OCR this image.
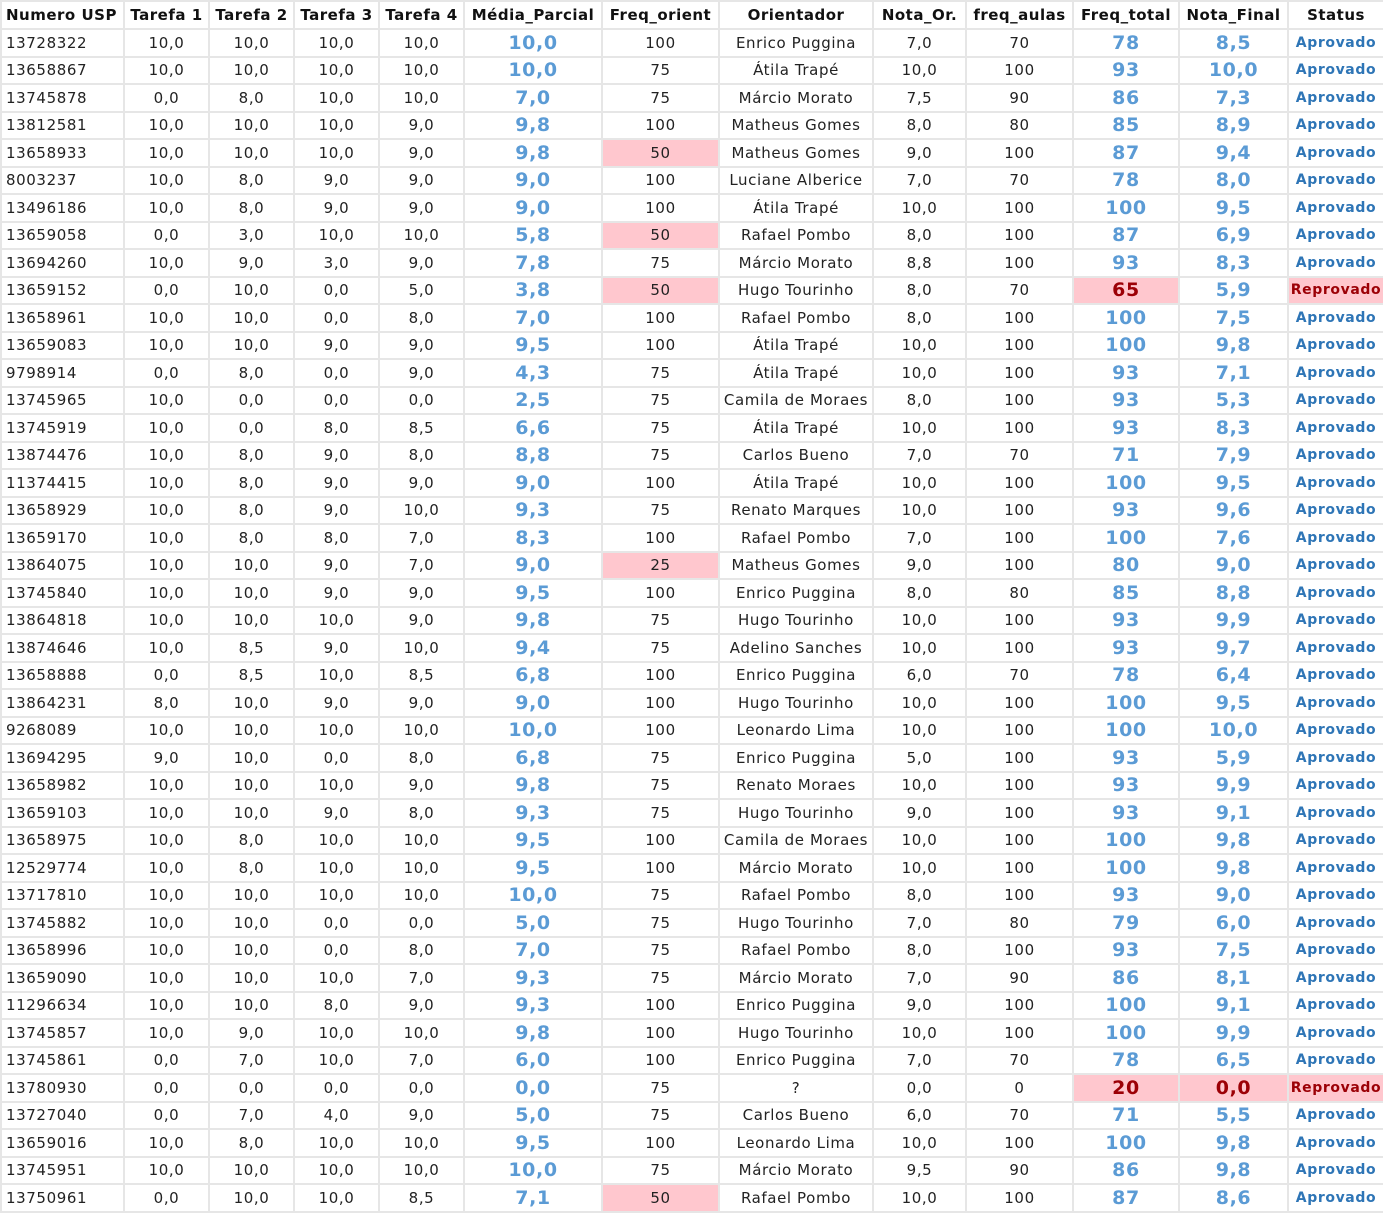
Numero USP	Tarefa 1	Tarefa 2	Tarefa 3	Tarefa 4	Média_Parcial	Freq_orient	Orientador	Nota_Or.	freq_aulas	Freq_total	Nota_Final	Status
13728322	10,0	10,0	10,0	10,0	10,0	100	Enrico Puggina	7,0	70	78	8,5	Aprovado
13658867	10,0	10,0	10,0	10,0	10,0	75	Átila Trapé	10,0	100	93	10,0	Aprovado
13745878	0,0	8,0	10,0	10,0	7,0	75	Márcio Morato	7,5	90	86	7,3	Aprovado
13812581	10,0	10,0	10,0	9,0	9,8	100	Matheus Gomes	8,0	80	85	8,9	Aprovado
13658933	10,0	10,0	10,0	9,0	9,8	50	Matheus Gomes	9,0	100	87	9,4	Aprovado
8003237	10,0	8,0	9,0	9,0	9,0	100	Luciane Alberice	7,0	70	78	8,0	Aprovado
13496186	10,0	8,0	9,0	9,0	9,0	100	Átila Trapé	10,0	100	100	9,5	Aprovado
13659058	0,0	3,0	10,0	10,0	5,8	50	Rafael Pombo	8,0	100	87	6,9	Aprovado
13694260	10,0	9,0	3,0	9,0	7,8	75	Márcio Morato	8,8	100	93	8,3	Aprovado
13659152	0,0	10,0	0,0	5,0	3,8	50	Hugo Tourinho	8,0	70	65	5,9	Reprovado
13658961	10,0	10,0	0,0	8,0	7,0	100	Rafael Pombo	8,0	100	100	7,5	Aprovado
13659083	10,0	10,0	9,0	9,0	9,5	100	Átila Trapé	10,0	100	100	9,8	Aprovado
9798914	0,0	8,0	0,0	9,0	4,3	75	Átila Trapé	10,0	100	93	7,1	Aprovado
13745965	10,0	0,0	0,0	0,0	2,5	75	Camila de Moraes	8,0	100	93	5,3	Aprovado
13745919	10,0	0,0	8,0	8,5	6,6	75	Átila Trapé	10,0	100	93	8,3	Aprovado
13874476	10,0	8,0	9,0	8,0	8,8	75	Carlos Bueno	7,0	70	71	7,9	Aprovado
11374415	10,0	8,0	9,0	9,0	9,0	100	Átila Trapé	10,0	100	100	9,5	Aprovado
13658929	10,0	8,0	9,0	10,0	9,3	75	Renato Marques	10,0	100	93	9,6	Aprovado
13659170	10,0	8,0	8,0	7,0	8,3	100	Rafael Pombo	7,0	100	100	7,6	Aprovado
13864075	10,0	10,0	9,0	7,0	9,0	25	Matheus Gomes	9,0	100	80	9,0	Aprovado
13745840	10,0	10,0	9,0	9,0	9,5	100	Enrico Puggina	8,0	80	85	8,8	Aprovado
13864818	10,0	10,0	10,0	9,0	9,8	75	Hugo Tourinho	10,0	100	93	9,9	Aprovado
13874646	10,0	8,5	9,0	10,0	9,4	75	Adelino Sanches	10,0	100	93	9,7	Aprovado
13658888	0,0	8,5	10,0	8,5	6,8	100	Enrico Puggina	6,0	70	78	6,4	Aprovado
13864231	8,0	10,0	9,0	9,0	9,0	100	Hugo Tourinho	10,0	100	100	9,5	Aprovado
9268089	10,0	10,0	10,0	10,0	10,0	100	Leonardo Lima	10,0	100	100	10,0	Aprovado
13694295	9,0	10,0	0,0	8,0	6,8	75	Enrico Puggina	5,0	100	93	5,9	Aprovado
13658982	10,0	10,0	10,0	9,0	9,8	75	Renato Moraes	10,0	100	93	9,9	Aprovado
13659103	10,0	10,0	9,0	8,0	9,3	75	Hugo Tourinho	9,0	100	93	9,1	Aprovado
13658975	10,0	8,0	10,0	10,0	9,5	100	Camila de Moraes	10,0	100	100	9,8	Aprovado
12529774	10,0	8,0	10,0	10,0	9,5	100	Márcio Morato	10,0	100	100	9,8	Aprovado
13717810	10,0	10,0	10,0	10,0	10,0	75	Rafael Pombo	8,0	100	93	9,0	Aprovado
13745882	10,0	10,0	0,0	0,0	5,0	75	Hugo Tourinho	7,0	80	79	6,0	Aprovado
13658996	10,0	10,0	0,0	8,0	7,0	75	Rafael Pombo	8,0	100	93	7,5	Aprovado
13659090	10,0	10,0	10,0	7,0	9,3	75	Márcio Morato	7,0	90	86	8,1	Aprovado
11296634	10,0	10,0	8,0	9,0	9,3	100	Enrico Puggina	9,0	100	100	9,1	Aprovado
13745857	10,0	9,0	10,0	10,0	9,8	100	Hugo Tourinho	10,0	100	100	9,9	Aprovado
13745861	0,0	7,0	10,0	7,0	6,0	100	Enrico Puggina	7,0	70	78	6,5	Aprovado
13780930	0,0	0,0	0,0	0,0	0,0	75	?	0,0	0	20	0,0	Reprovado
13727040	0,0	7,0	4,0	9,0	5,0	75	Carlos Bueno	6,0	70	71	5,5	Aprovado
13659016	10,0	8,0	10,0	10,0	9,5	100	Leonardo Lima	10,0	100	100	9,8	Aprovado
13745951	10,0	10,0	10,0	10,0	10,0	75	Márcio Morato	9,5	90	86	9,8	Aprovado
13750961	0,0	10,0	10,0	8,5	7,1	50	Rafael Pombo	10,0	100	87	8,6	Aprovado
